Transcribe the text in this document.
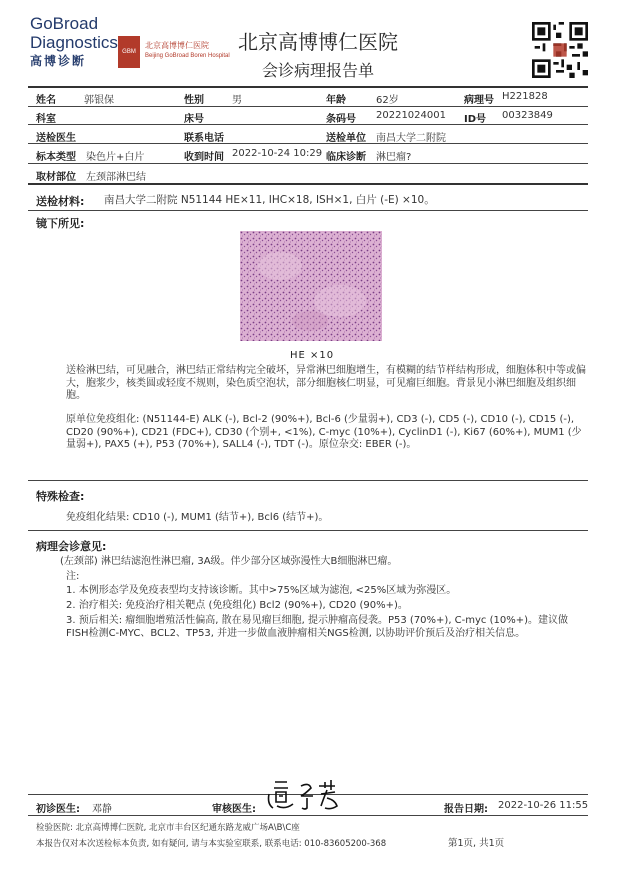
GoBroad
Diagnostics
高博诊断
GBM
北京高博博仁医院
Beijing GoBroad Boren Hospital
北京高博博仁医院
会诊病理报告单
姓名	郭银保	性别	男	年龄	62岁	病理号 H221828
科室	床号	条码号 20221024001 ID号 00323849
送检医生	联系电话	送检单位 南昌大学二附院
标本类型 染色片+白片	收到时间 2022-10-24 10:29 临床诊断 淋巴瘤?
取材部位 左颈部淋巴结
送检材料: 南昌大学二附院 N51144 HE×11, IHC×18, ISH×1, 白片 (-E) ×10。
镜下所见:
HE ×10
送检淋巴结，可见融合，淋巴结正常结构完全破坏，异常淋巴细胞增生，有模糊的结节样结构形成，细胞体积中等或偏大，胞浆少，核类圆或轻度不规则，染色质空泡状，部分细胞核仁明显，可见瘤巨细胞。背景见小淋巴细胞及组织细胞。
原单位免疫组化: (N51144-E) ALK (-), Bcl-2 (90%+), Bcl-6 (少量弱+), CD3 (-), CD5 (-), CD10 (-), CD15 (-), CD20 (90%+), CD21 (FDC+), CD30 (个别+, <1%), C-myc (10%+), CyclinD1 (-), Ki67 (60%+), MUM1 (少量弱+), PAX5 (+), P53 (70%+), SALL4 (-), TDT (-)。原位杂交: EBER (-)。
特殊检查:
免疫组化结果: CD10 (-), MUM1 (结节+), Bcl6 (结节+)。
病理会诊意见:
(左颈部) 淋巴结滤泡性淋巴瘤, 3A级。伴少部分区域弥漫性大B细胞淋巴瘤。
注:
1. 本例形态学及免疫表型均支持该诊断。其中>75%区域为滤泡, <25%区域为弥漫区。
2. 治疗相关: 免疫治疗相关靶点 (免疫组化) Bcl2 (90%+), CD20 (90%+)。
3. 预后相关: 瘤细胞增殖活性偏高, 散在易见瘤巨细胞, 提示肿瘤高侵袭。P53 (70%+), C-myc (10%+)。建议做FISH检测C-MYC、BCL2、TP53, 并进一步做血液肿瘤相关NGS检测, 以协助评价预后及治疗相关信息。
初诊医生: 邓静	审核医生:	报告日期: 2022-10-26 11:55
检验医院: 北京高博博仁医院, 北京市丰台区纪通东路龙威广场A\B\C座
本报告仅对本次送检标本负责, 如有疑问, 请与本实验室联系, 联系电话: 010-83605200-368	第1页, 共1页
